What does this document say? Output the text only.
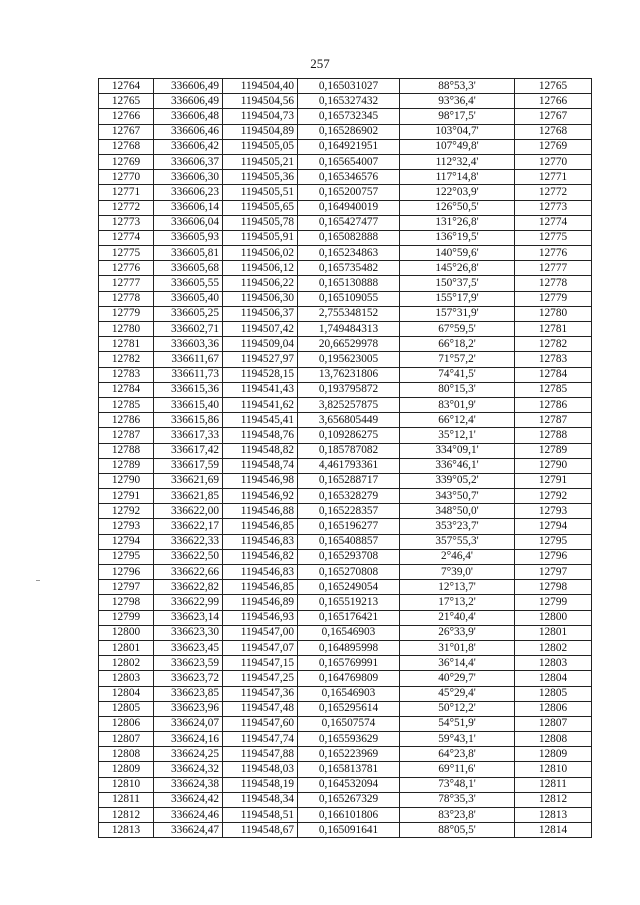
257
12764	336606,49	1194504,40	0,165031027	88°53,3'	12765
12765	336606,49	1194504,56	0,165327432	93°36,4'	12766
12766	336606,48	1194504,73	0,165732345	98°17,5'	12767
12767	336606,46	1194504,89	0,165286902	103°04,7'	12768
12768	336606,42	1194505,05	0,164921951	107°49,8'	12769
12769	336606,37	1194505,21	0,165654007	112°32,4'	12770
12770	336606,30	1194505,36	0,165346576	117°14,8'	12771
12771	336606,23	1194505,51	0,165200757	122°03,9'	12772
12772	336606,14	1194505,65	0,164940019	126°50,5'	12773
12773	336606,04	1194505,78	0,165427477	131°26,8'	12774
12774	336605,93	1194505,91	0,165082888	136°19,5'	12775
12775	336605,81	1194506,02	0,165234863	140°59,6'	12776
12776	336605,68	1194506,12	0,165735482	145°26,8'	12777
12777	336605,55	1194506,22	0,165130888	150°37,5'	12778
12778	336605,40	1194506,30	0,165109055	155°17,9'	12779
12779	336605,25	1194506,37	2,755348152	157°31,9'	12780
12780	336602,71	1194507,42	1,749484313	67°59,5'	12781
12781	336603,36	1194509,04	20,66529978	66°18,2'	12782
12782	336611,67	1194527,97	0,195623005	71°57,2'	12783
12783	336611,73	1194528,15	13,76231806	74°41,5'	12784
12784	336615,36	1194541,43	0,193795872	80°15,3'	12785
12785	336615,40	1194541,62	3,825257875	83°01,9'	12786
12786	336615,86	1194545,41	3,656805449	66°12,4'	12787
12787	336617,33	1194548,76	0,109286275	35°12,1'	12788
12788	336617,42	1194548,82	0,185787082	334°09,1'	12789
12789	336617,59	1194548,74	4,461793361	336°46,1'	12790
12790	336621,69	1194546,98	0,165288717	339°05,2'	12791
12791	336621,85	1194546,92	0,165328279	343°50,7'	12792
12792	336622,00	1194546,88	0,165228357	348°50,0'	12793
12793	336622,17	1194546,85	0,165196277	353°23,7'	12794
12794	336622,33	1194546,83	0,165408857	357°55,3'	12795
12795	336622,50	1194546,82	0,165293708	2°46,4'	12796
12796	336622,66	1194546,83	0,165270808	7°39,0'	12797
12797	336622,82	1194546,85	0,165249054	12°13,7'	12798
12798	336622,99	1194546,89	0,165519213	17°13,2'	12799
12799	336623,14	1194546,93	0,165176421	21°40,4'	12800
12800	336623,30	1194547,00	0,16546903	26°33,9'	12801
12801	336623,45	1194547,07	0,164895998	31°01,8'	12802
12802	336623,59	1194547,15	0,165769991	36°14,4'	12803
12803	336623,72	1194547,25	0,164769809	40°29,7'	12804
12804	336623,85	1194547,36	0,16546903	45°29,4'	12805
12805	336623,96	1194547,48	0,165295614	50°12,2'	12806
12806	336624,07	1194547,60	0,16507574	54°51,9'	12807
12807	336624,16	1194547,74	0,165593629	59°43,1'	12808
12808	336624,25	1194547,88	0,165223969	64°23,8'	12809
12809	336624,32	1194548,03	0,165813781	69°11,6'	12810
12810	336624,38	1194548,19	0,164532094	73°48,1'	12811
12811	336624,42	1194548,34	0,165267329	78°35,3'	12812
12812	336624,46	1194548,51	0,166101806	83°23,8'	12813
12813	336624,47	1194548,67	0,165091641	88°05,5'	12814
